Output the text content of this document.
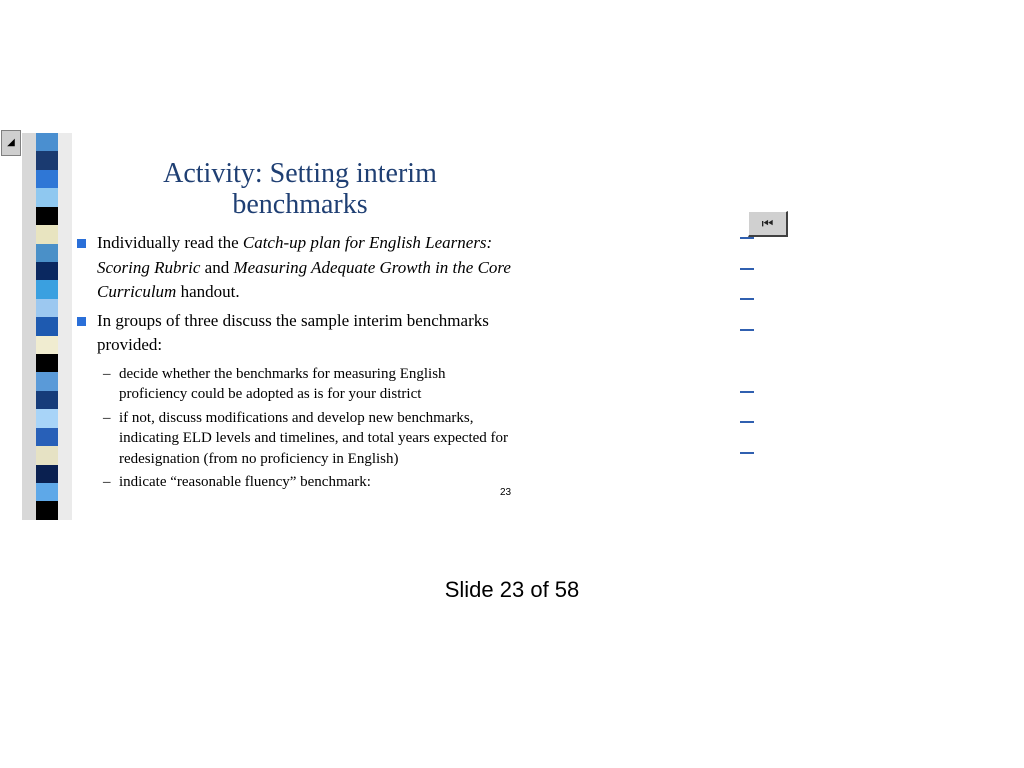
◢
Activity: Setting interim
benchmarks
Individually read the Catch-up plan for English Learners: Scoring Rubric and Measuring Adequate Growth in the Core Curriculum handout.
In groups of three discuss the sample interim benchmarks provided:
– decide whether the benchmarks for measuring English proficiency could be adopted as is for your district
– if not, discuss modifications and develop new benchmarks, indicating ELD levels and timelines, and total years expected for redesignation (from no proficiency in English)
– indicate “reasonable fluency” benchmark:
23
⏮
Slide 23 of 58
